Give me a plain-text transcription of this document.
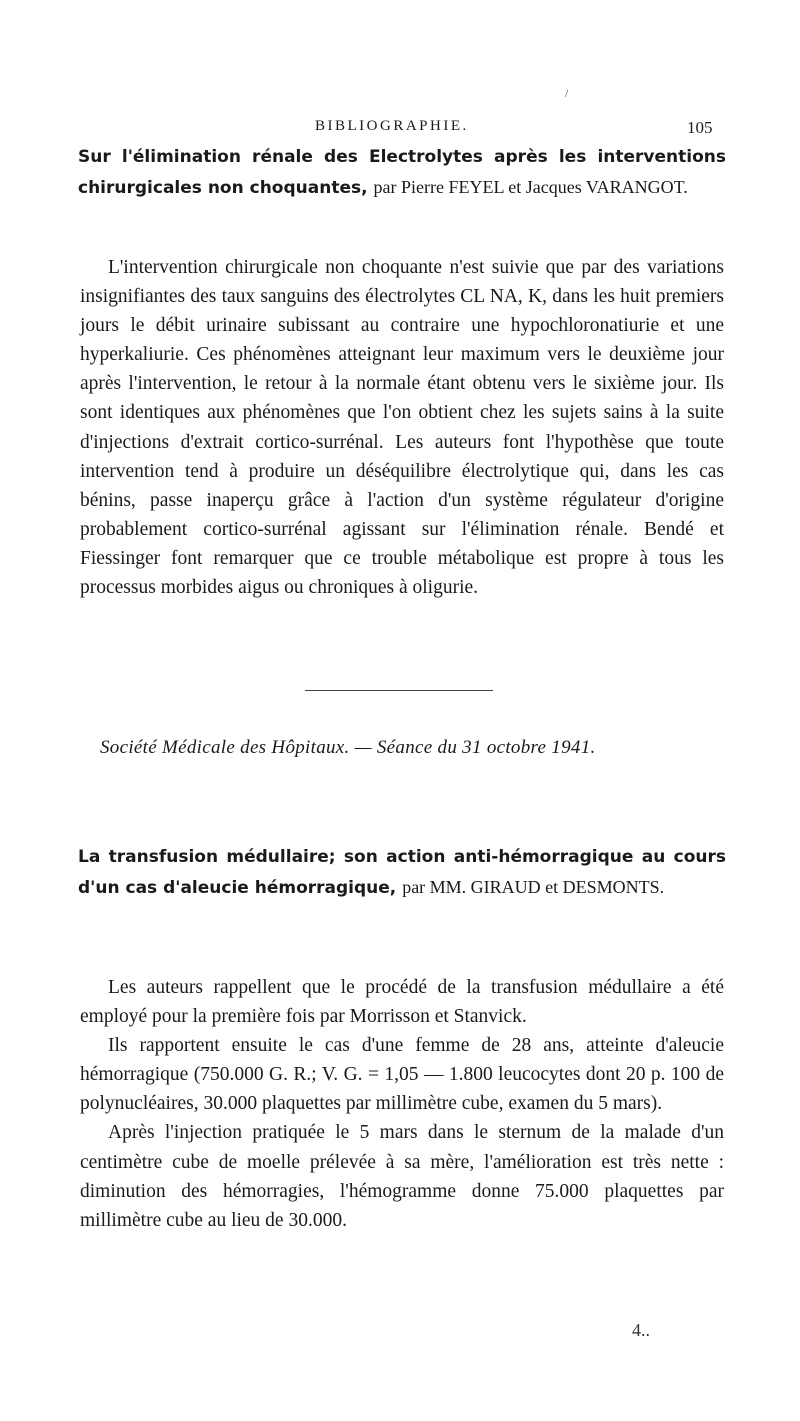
/
BIBLIOGRAPHIE.	105
Sur l'élimination rénale des Electrolytes après les interventions chirurgicales non choquantes, par Pierre FEYEL et Jacques VARANGOT.

L'intervention chirurgicale non choquante n'est suivie que par des variations insignifiantes des taux sanguins des électrolytes CL NA, K, dans les huit premiers jours le débit urinaire subissant au contraire une hypochloronatiurie et une hyperkaliurie. Ces phénomènes atteignant leur maximum vers le deuxième jour après l'intervention, le retour à la normale étant obtenu vers le sixième jour. Ils sont identiques aux phénomènes que l'on obtient chez les sujets sains à la suite d'injections d'extrait cortico-surrénal. Les auteurs font l'hypothèse que toute intervention tend à produire un déséquilibre électrolytique qui, dans les cas bénins, passe inaperçu grâce à l'action d'un système régulateur d'origine probablement cortico-surrénal agissant sur l'élimination rénale. Bendé et Fiessinger font remarquer que ce trouble métabolique est propre à tous les processus morbides aigus ou chroniques à oligurie.

Société Médicale des Hôpitaux. — Séance du 31 octobre 1941.
La transfusion médullaire; son action anti-hémorragique au cours d'un cas d'aleucie hémorragique, par MM. GIRAUD et DESMONTS.

Les auteurs rappellent que le procédé de la transfusion médullaire a été employé pour la première fois par Morrisson et Stanvick.

Ils rapportent ensuite le cas d'une femme de 28 ans, atteinte d'aleucie hémorragique (750.000 G. R.; V. G. = 1,05 — 1.800 leucocytes dont 20 p. 100 de polynucléaires, 30.000 plaquettes par millimètre cube, examen du 5 mars).

Après l'injection pratiquée le 5 mars dans le sternum de la malade d'un centimètre cube de moelle prélevée à sa mère, l'amélioration est très nette : diminution des hémorragies, l'hémogramme donne 75.000 plaquettes par millimètre cube au lieu de 30.000.

4..
